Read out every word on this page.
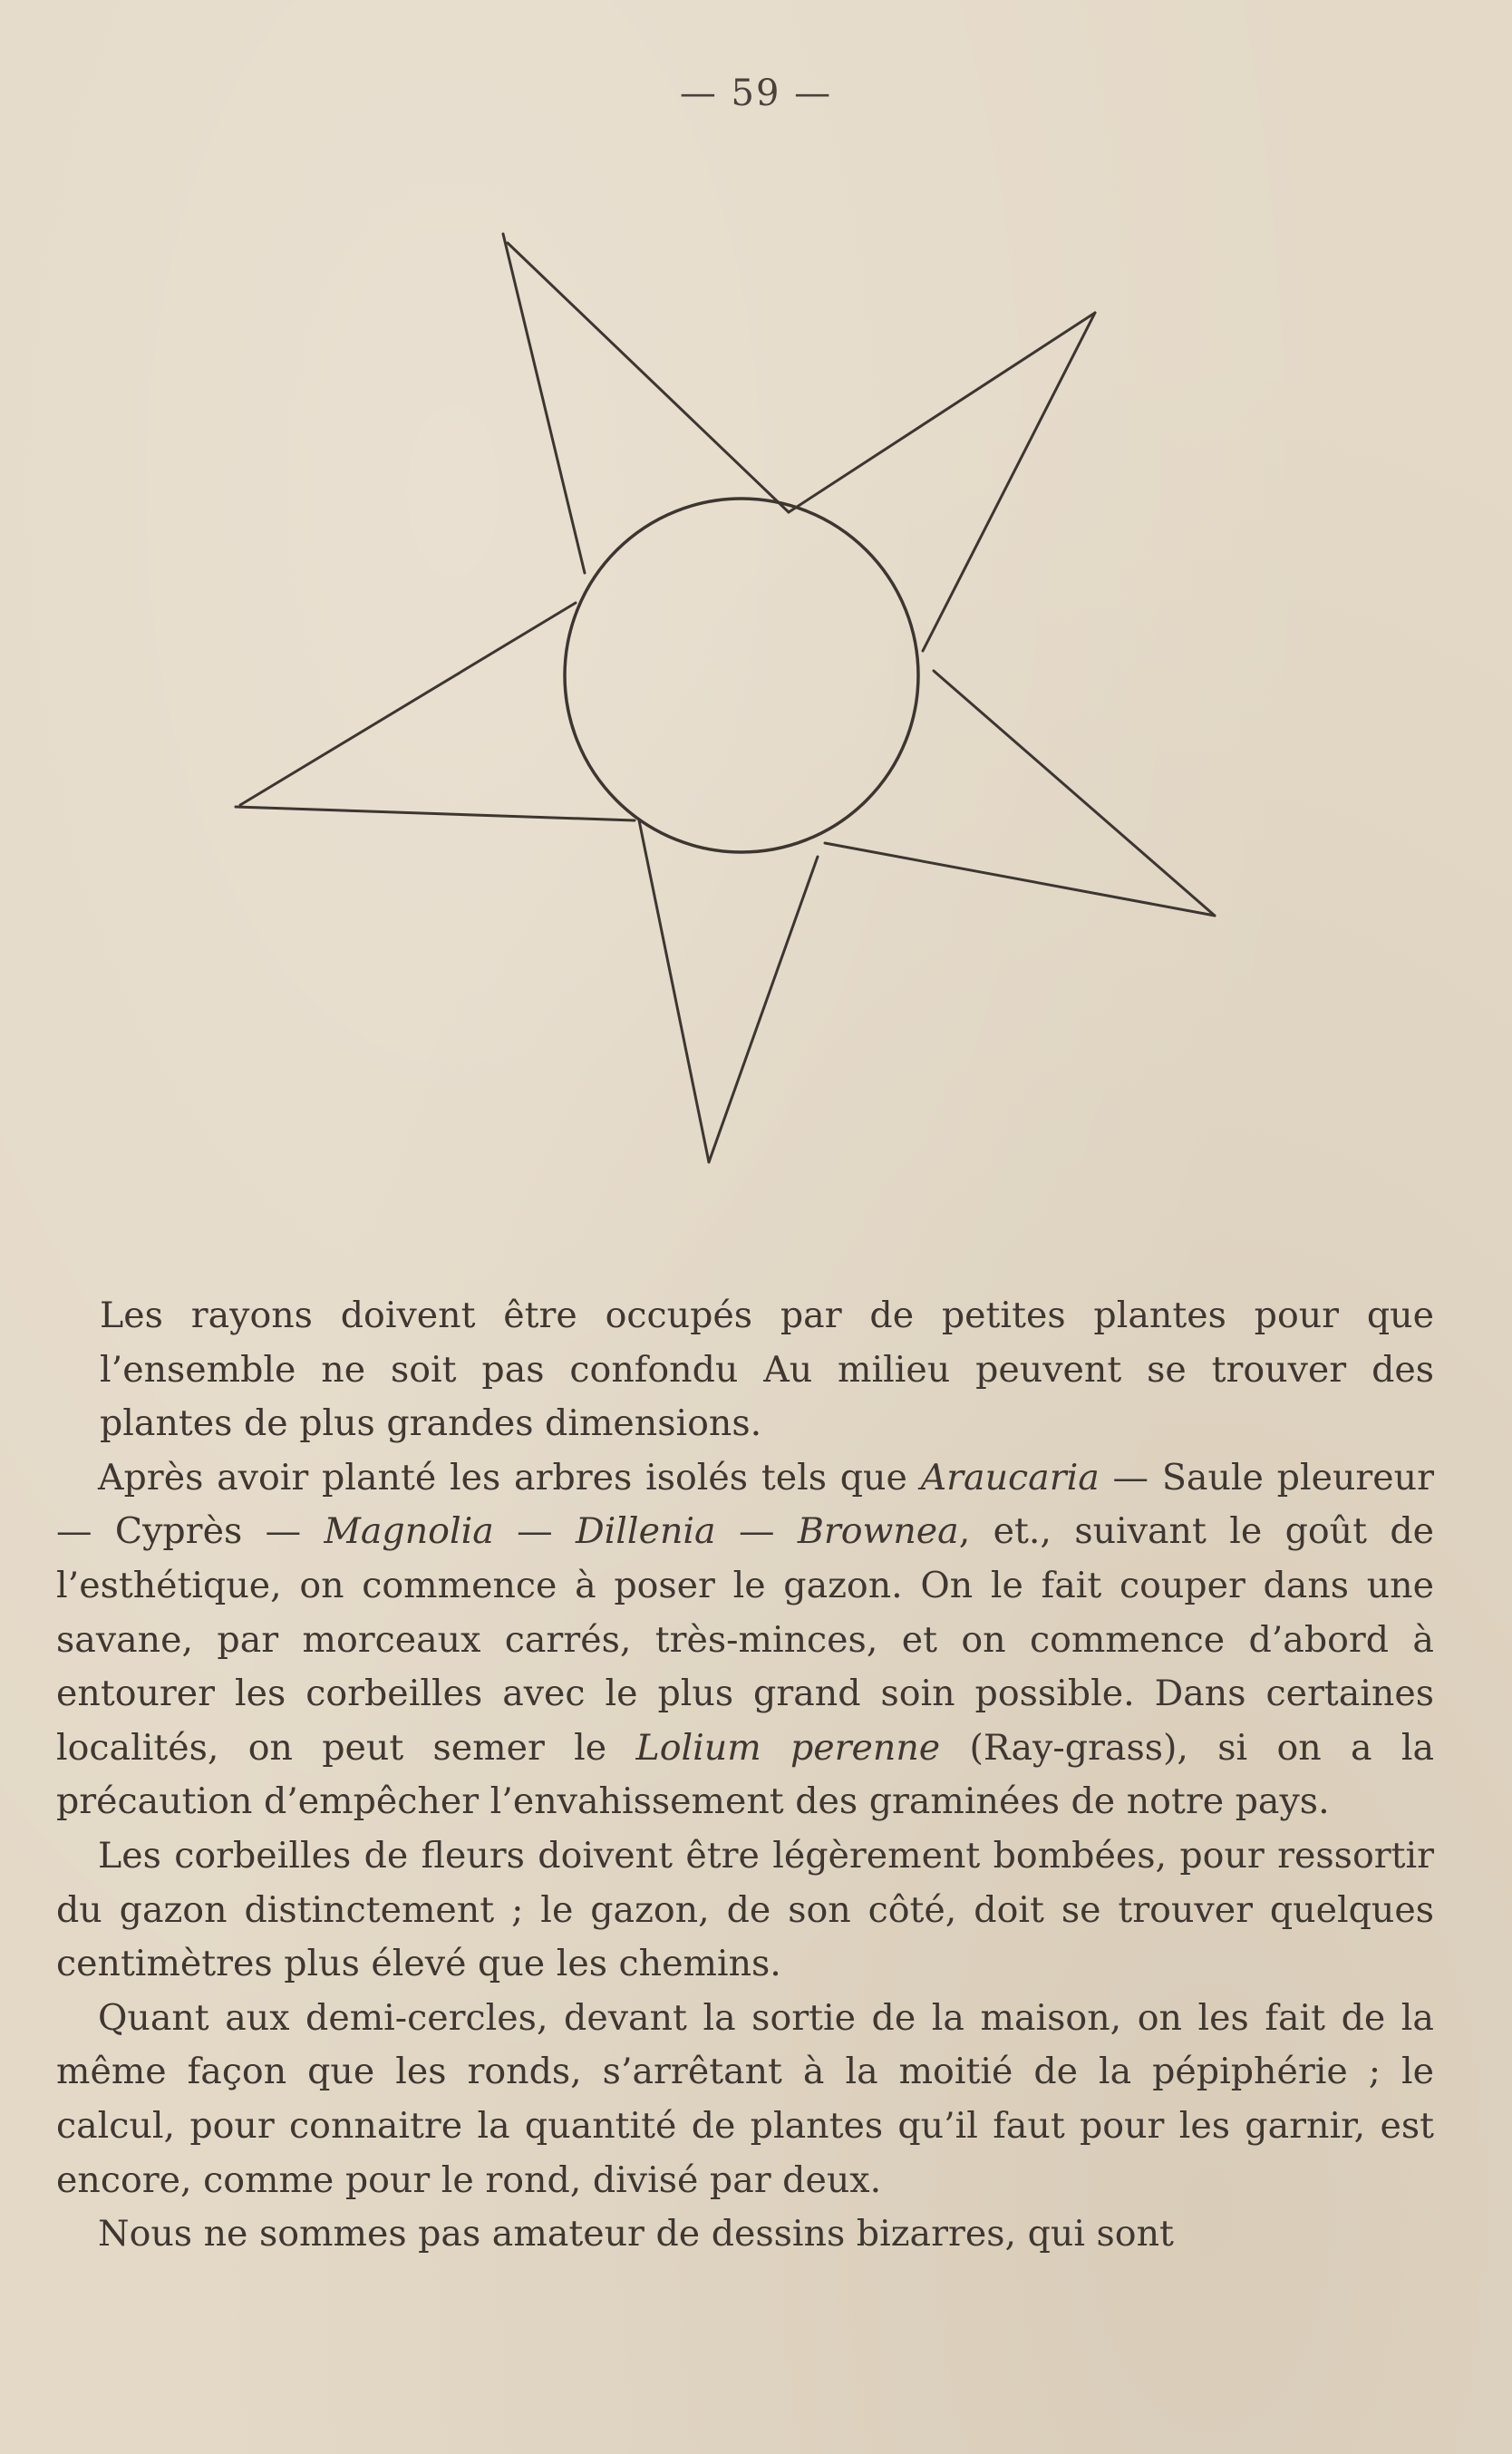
— 59 —

Les rayons doivent être occupés par de petites plantes pour que l’ensemble ne soit pas confondu Au milieu peuvent se trouver des plantes de plus grandes dimensions.

Après avoir planté les arbres isolés tels que Araucaria — Saule pleureur — Cyprès — Magnolia — Dillenia — Brownea, et., suivant le goût de l’esthétique, on commence à poser le gazon. On le fait couper dans une savane, par morceaux carrés, très-minces, et on commence d’abord à entourer les corbeilles avec le plus grand soin possible. Dans certaines localités, on peut semer le Lolium perenne (Ray-grass), si on a la précaution d’empêcher l’envahissement des graminées de notre pays.

Les corbeilles de fleurs doivent être légèrement bombées, pour ressortir du gazon distinctement ; le gazon, de son côté, doit se trouver quelques centimètres plus élevé que les chemins.

Quant aux demi-cercles, devant la sortie de la maison, on les fait de la même façon que les ronds, s’arrêtant à la moitié de la pépiphérie ; le calcul, pour connaitre la quantité de plantes qu’il faut pour les garnir, est encore, comme pour le rond, divisé par deux.

Nous ne sommes pas amateur de dessins bizarres, qui sont
